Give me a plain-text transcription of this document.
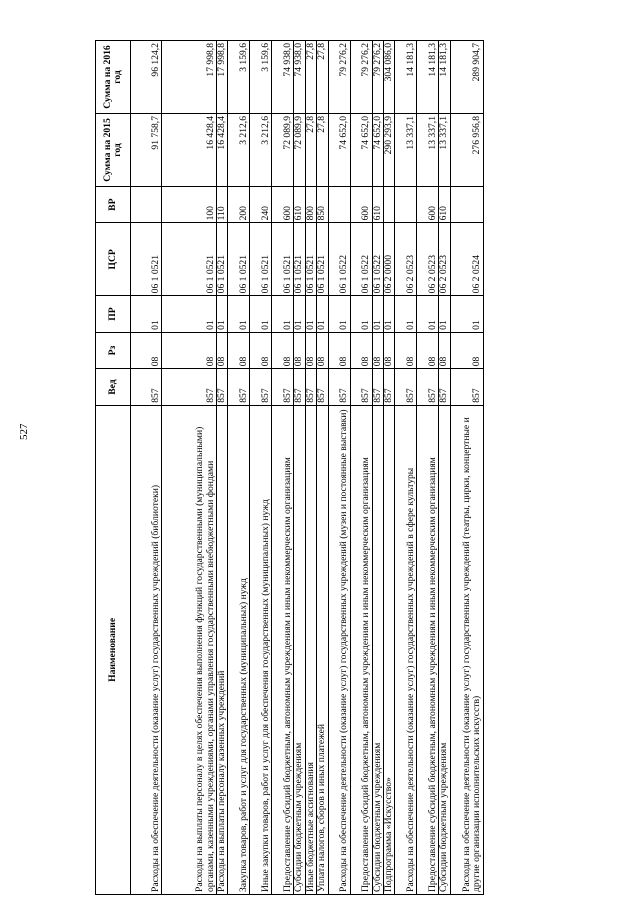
527
Наименование	Вед	Рз	ПР	ЦСР	ВР	Сумма на 2015 год	Сумма на 2016 год
Расходы на обеспечение деятельности (оказание услуг) государственных учреждений (библиотеки)	857	08	01	06 1 0521		91 758,7	96 124,2
Расходы на выплаты персоналу в целях обеспечения выполнения функций государственными (муниципальными) органами, казенными учреждениями, органами управления государственными внебюджетными фондами	857	08	01	06 1 0521	100	16 428,4	17 998,8
Расходы на выплаты персоналу казенных учреждений	857	08	01	06 1 0521	110	16 428,4	17 998,8
Закупка товаров, работ и услуг для государственных (муниципальных) нужд	857	08	01	06 1 0521	200	3 212,6	3 159,6
Иные закупки товаров, работ и услуг для обеспечения государственных (муниципальных) нужд	857	08	01	06 1 0521	240	3 212,6	3 159,6
Предоставление субсидий бюджетным, автономным учреждениям и иным некоммерческим организациям	857	08	01	06 1 0521	600	72 089,9	74 938,0
Субсидии бюджетным учреждениям	857	08	01	06 1 0521	610	72 089,9	74 938,0
Иные бюджетные ассигнования	857	08	01	06 1 0521	800	27,8	27,8
Уплата налогов, сборов и иных платежей	857	08	01	06 1 0521	850	27,8	27,8
Расходы на обеспечение деятельности (оказание услуг) государственных учреждений (музеи и постоянные выставки)	857	08	01	06 1 0522		74 652,0	79 276,2
Предоставление субсидий бюджетным, автономным учреждениям и иным некоммерческим организациям	857	08	01	06 1 0522	600	74 652,0	79 276,2
Субсидии бюджетным учреждениям	857	08	01	06 1 0522	610	74 652,0	79 276,2
Подпрограмма «Искусство»	857	08	01	06 2 0000		290 293,9	304 086,0
Расходы на обеспечение деятельности (оказание услуг) государственных учреждений в сфере культуры	857	08	01	06 2 0523		13 337,1	14 181,3
Предоставление субсидий бюджетным, автономным учреждениям и иным некоммерческим организациям	857	08	01	06 2 0523	600	13 337,1	14 181,3
Субсидии бюджетным учреждениям	857	08	01	06 2 0523	610	13 337,1	14 181,3
Расходы на обеспечение деятельности (оказание услуг) государственных учреждений (театры, цирки, концертные и другие организации исполнительских искусств)	857	08	01	06 2 0524		276 956,8	289 904,7
